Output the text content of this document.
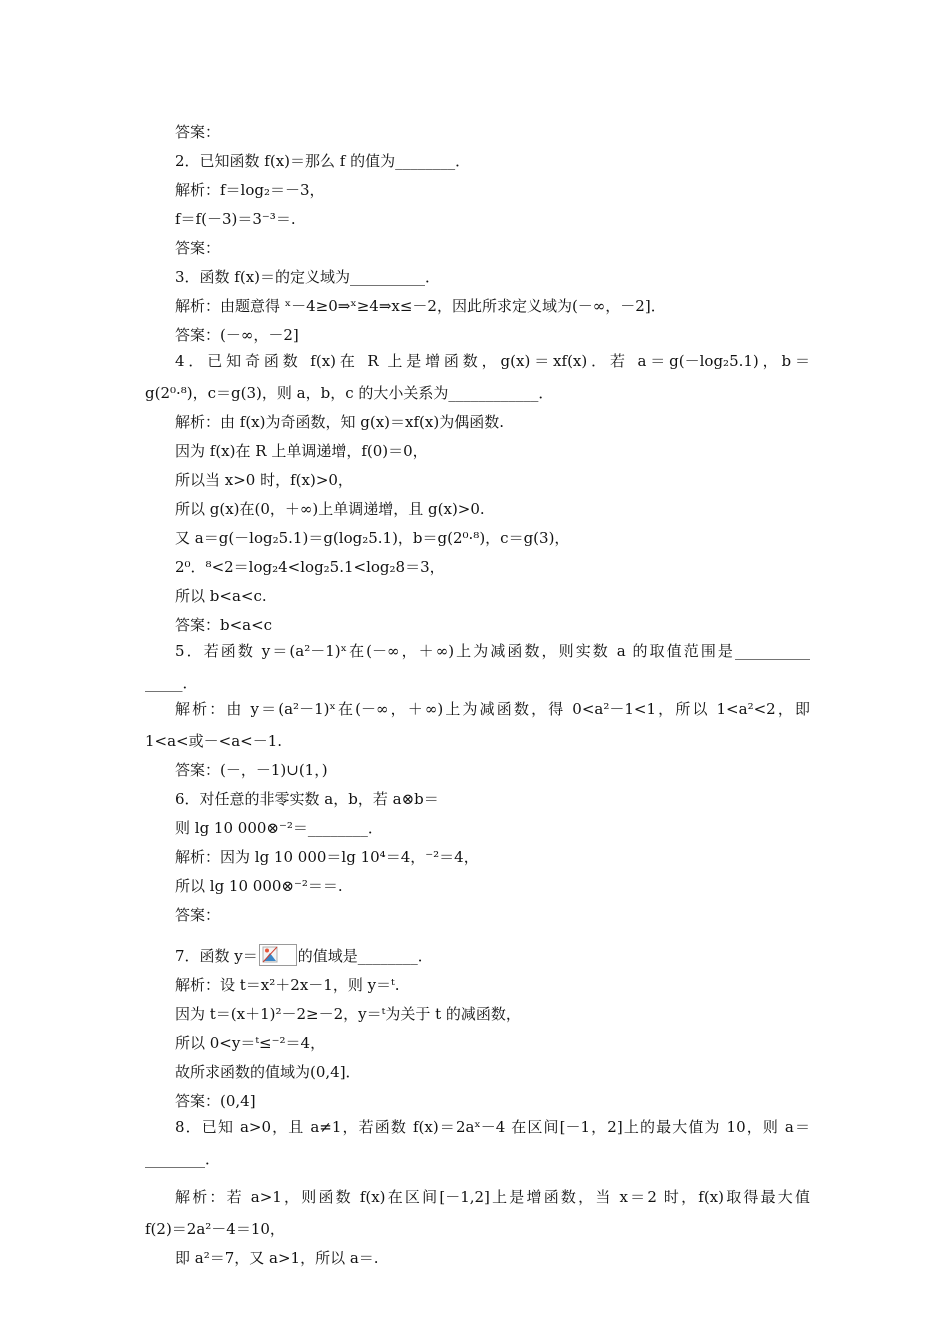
答案：
2．已知函数 f(x)＝那么 f 的值为________．
解析：f＝log₂＝－3，
f＝f(－3)＝3⁻³＝.
答案：
3．函数 f(x)＝的定义域为__________．
解析：由题意得 ˣ－4≥0⇒ˣ≥4⇒x≤－2，因此所求定义域为(－∞，－2]．
答案：(－∞，－2]
4．已知奇函数 f(x)在 R 上是增函数，g(x)＝xf(x)．若 a＝g(－log₂5.1)，b＝
g(2⁰·⁸)，c＝g(3)，则 a，b，c 的大小关系为____________．
解析：由 f(x)为奇函数，知 g(x)＝xf(x)为偶函数.
因为 f(x)在 R 上单调递增，f(0)＝0，
所以当 x>0 时，f(x)>0，
所以 g(x)在(0，＋∞)上单调递增，且 g(x)>0.
又 a＝g(－log₂5.1)＝g(log₂5.1)，b＝g(2⁰·⁸)，c＝g(3)，
2⁰．⁸<2＝log₂4<log₂5.1<log₂8＝3，
所以 b<a<c.
答案：b<a<c
5．若函数 y＝(a²－1)ˣ在(－∞，＋∞)上为减函数，则实数 a 的取值范围是__________
_____．
解析：由 y＝(a²－1)ˣ在(－∞，＋∞)上为减函数，得 0<a²－1<1，所以 1<a²<2，即
1<a<或－<a<－1.
答案：(－，－1)∪(1，)
6．对任意的非零实数 a，b，若 a⊗b＝
则 lg 10 000⊗⁻²＝________．
解析：因为 lg 10 000＝lg 10⁴＝4，⁻²＝4，
所以 lg 10 000⊗⁻²＝＝.
答案：
7．函数 y＝	的值域是________．
解析：设 t＝x²＋2x－1，则 y＝ᵗ.
因为 t＝(x＋1)²－2≥－2，y＝ᵗ为关于 t 的减函数，
所以 0<y＝ᵗ≤⁻²＝4，
故所求函数的值域为(0,4]．
答案：(0,4]
8．已知 a>0，且 a≠1，若函数 f(x)＝2aˣ－4 在区间[－1，2]上的最大值为 10，则 a＝
________．
解析：若 a>1，则函数 f(x)在区间[－1,2]上是增函数，当 x＝2 时，f(x)取得最大值
f(2)＝2a²－4＝10，
即 a²＝7，又 a>1，所以 a＝.
